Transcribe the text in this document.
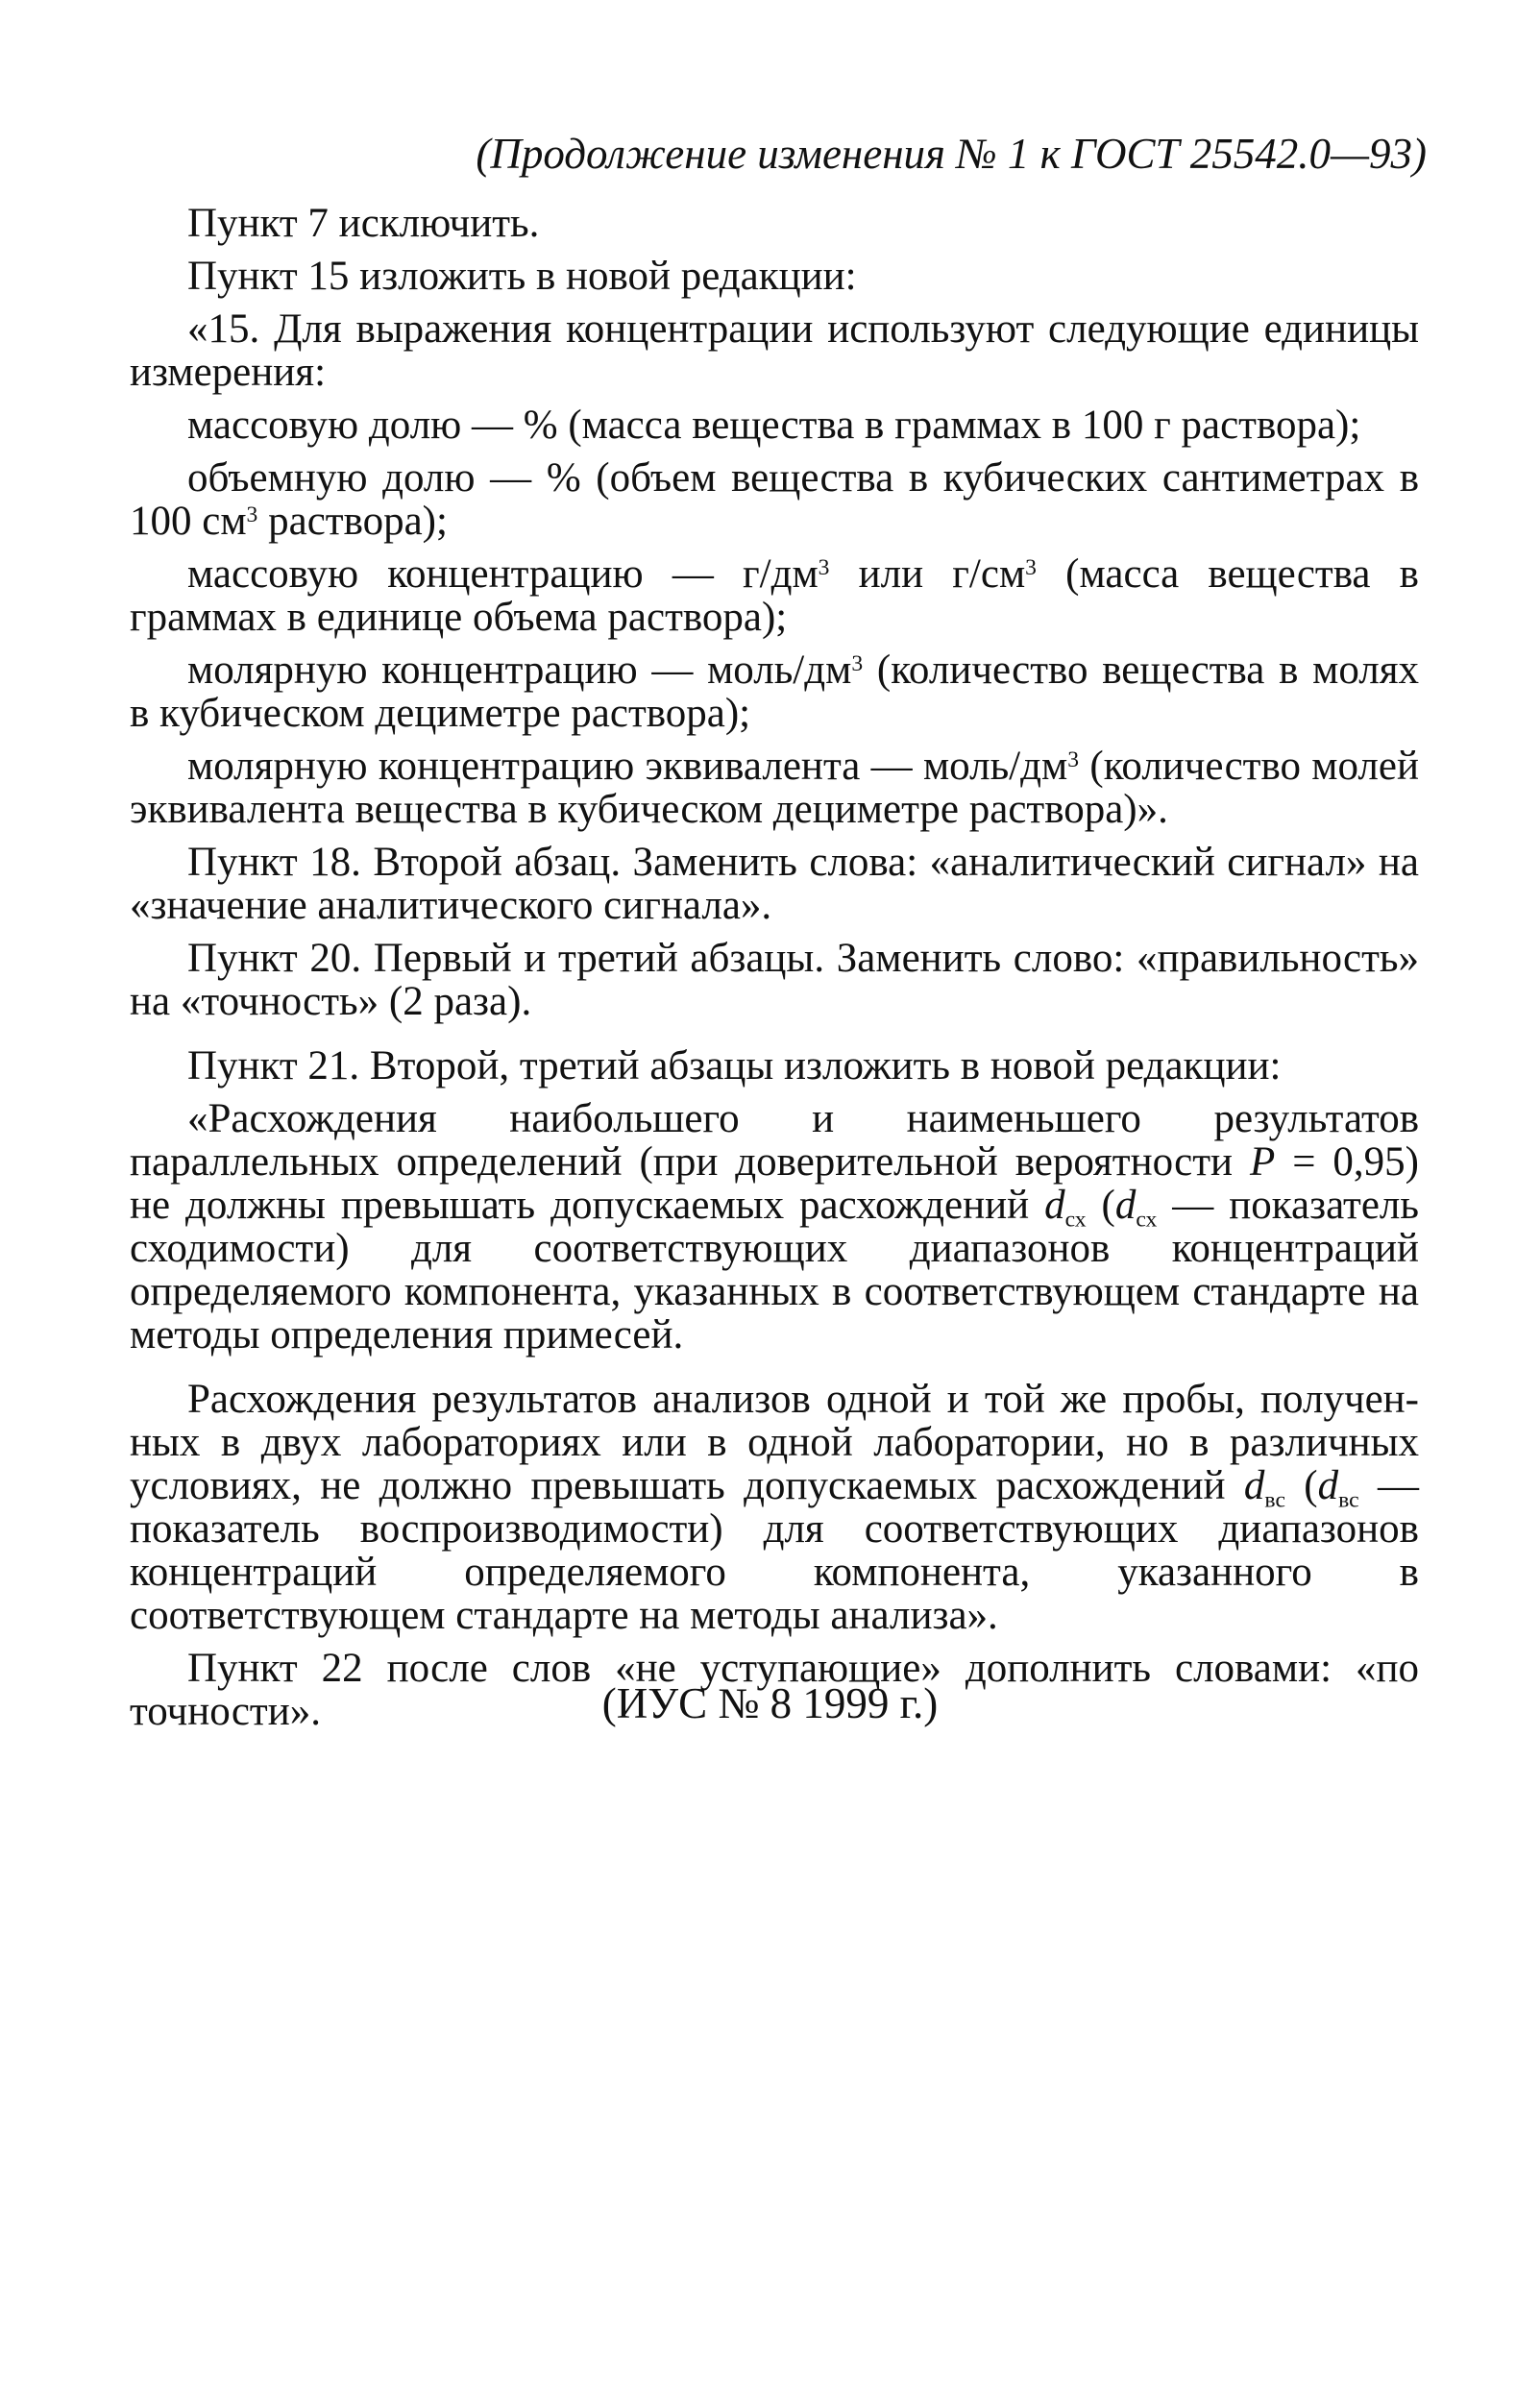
(Продолжение изменения № 1 к ГОСТ 25542.0—93)

Пункт 7 исключить.

Пункт 15 изложить в новой редакции:

«15. Для выражения концентрации используют следующие единицы измерения:

массовую долю — % (масса вещества в граммах в 100 г раствора);

объемную долю — % (объем вещества в кубических сантиметрах в 100 $см^3$ раствора);

массовую концентрацию — $г/дм^3$ или $г/см^3$ (масса вещества в граммах в единице объема раствора);

молярную концентрацию — моль/$дм^3$ (количество вещества в молях в кубическом дециметре раствора);

молярную концентрацию эквивалента — моль/$дм^3$ (количество молей эквивалента вещества в кубическом дециметре раствора)».

Пункт 18. Второй абзац. Заменить слова: «аналитический сигнал» на «значение аналитического сигнала».

Пункт 20. Первый и третий абзацы. Заменить слово: «правильность» на «точность» (2 раза).

Пункт 21. Второй, третий абзацы изложить в новой редакции:

«Расхождения наибольшего и наименьшего результатов параллельных определений (при доверительной вероятности P = 0,95) не должны превышать допускаемых расхождений $d_{сх}$ ($d_{сх}$ — показатель сходимости) для соответствующих диапазонов концентраций определяемого компонента, указанных в соответствующем стандарте на методы определения примесей.

Расхождения результатов анализов одной и той же пробы, полученных в двух лабораториях или в одной лаборатории, но в различных условиях, не должно превышать допускаемых расхождений $d_{вс}$ ($d_{вс}$ — показатель воспроизводимости) для соответствующих диапазонов концентраций определяемого компонента, указанного в соответствующем стандарте на методы анализа».

Пункт 22 после слов «не уступающие» дополнить словами: «по точности».	(ИУС № 8 1999 г.)
